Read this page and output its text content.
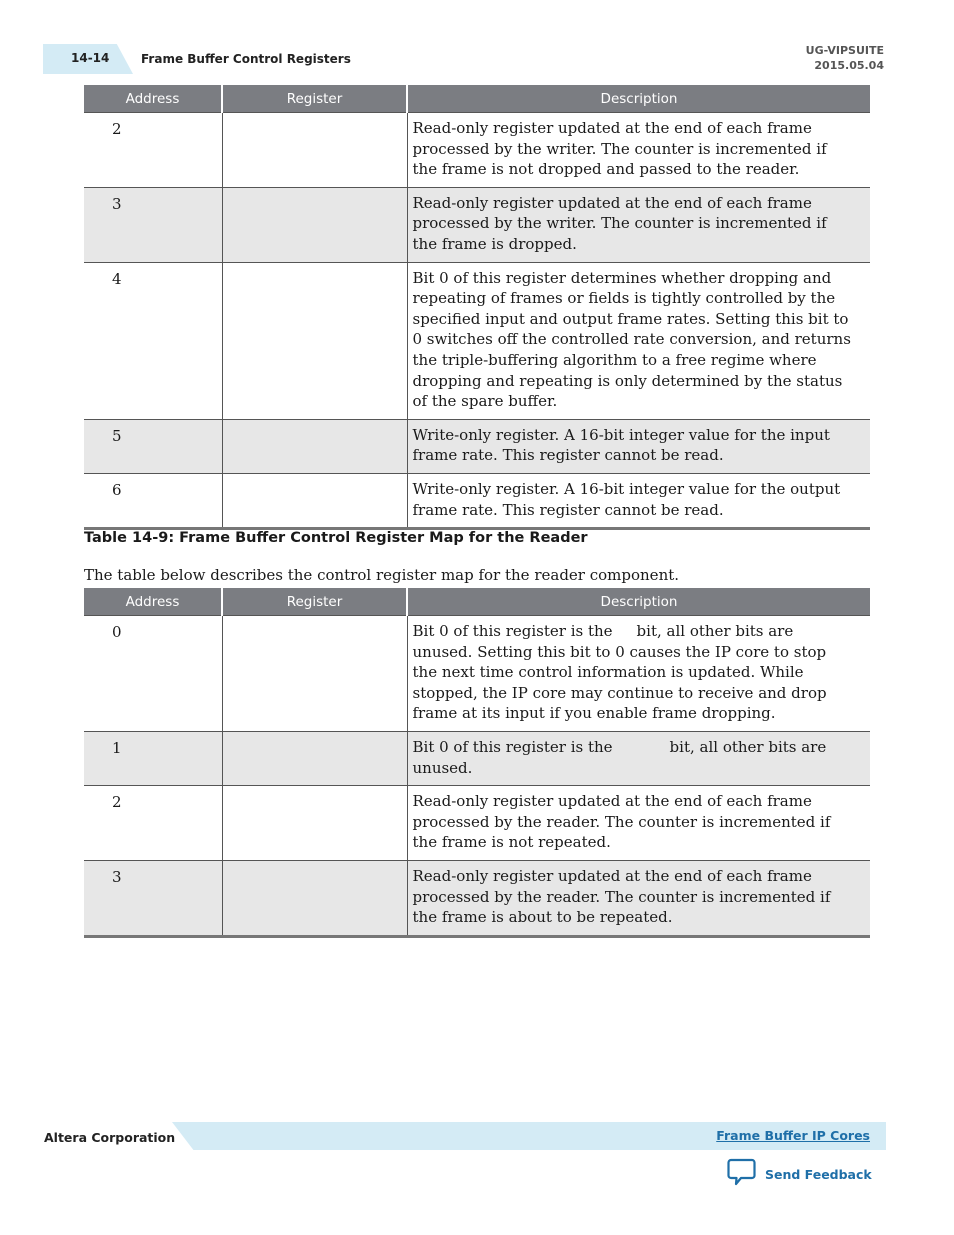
14-14	Frame Buffer Control Registers
UG-VIPSUITE
2015.05.04
Address	Register	Description
2		Read-only register updated at the end of each frame processed by the writer. The counter is incremented if the frame is not dropped and passed to the reader.
3		Read-only register updated at the end of each frame processed by the writer. The counter is incremented if the frame is dropped.
4		Bit 0 of this register determines whether dropping and repeating of frames or fields is tightly controlled by the specified input and output frame rates. Setting this bit to 0 switches off the controlled rate conversion, and returns the triple-buffering algorithm to a free regime where dropping and repeating is only determined by the status of the spare buffer.
5		Write-only register. A 16-bit integer value for the input frame rate. This register cannot be read.
6		Write-only register. A 16-bit integer value for the output frame rate. This register cannot be read.
Table 14-9: Frame Buffer Control Register Map for the Reader
The table below describes the control register map for the reader component.
Address	Register	Description
0		Bit 0 of this register is the bit, all other bits are unused. Setting this bit to 0 causes the IP core to stop the next time control information is updated. While stopped, the IP core may continue to receive and drop frame at its input if you enable frame dropping.
1		Bit 0 of this register is the bit, all other bits are unused.
2		Read-only register updated at the end of each frame processed by the reader. The counter is incremented if the frame is not repeated.
3		Read-only register updated at the end of each frame processed by the reader. The counter is incremented if the frame is about to be repeated.
Altera Corporation	Frame Buffer IP Cores
Send Feedback
